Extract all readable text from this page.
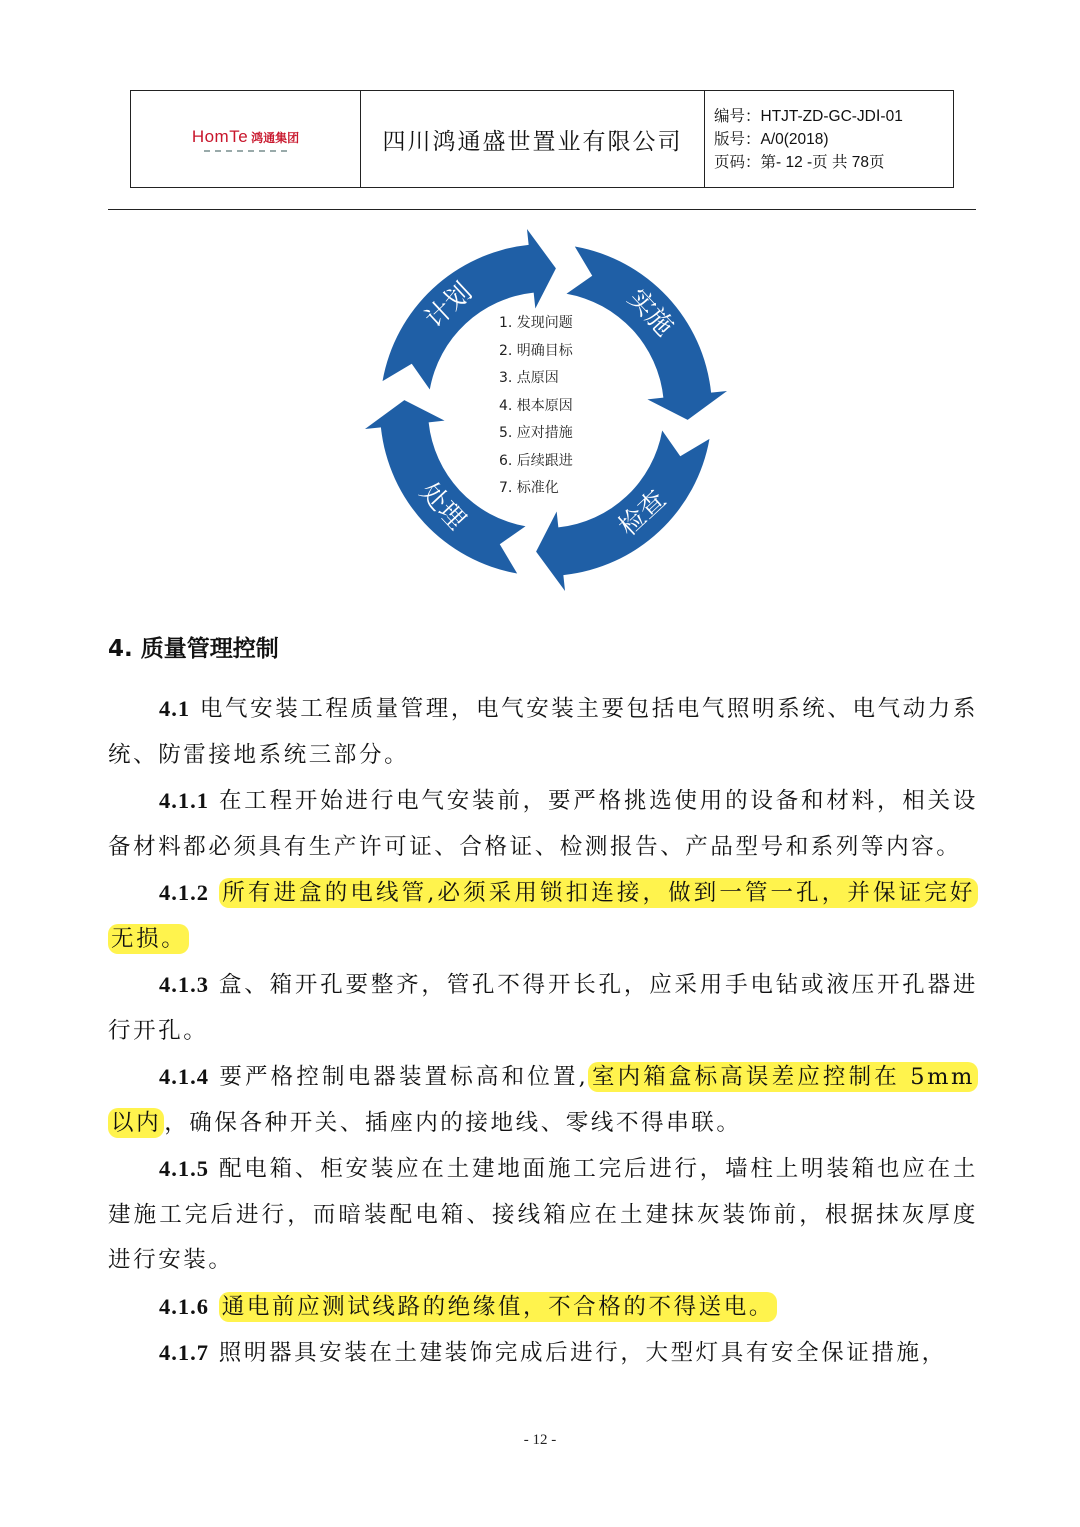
HomTe 鸿通集团	四川鸿通盛世置业有限公司
编号：HTJT-ZD-GC-JDⅠ-01
版号：A/0(2018)
页码：第- 12 -页 共 78页
计划	实施
检查
处理
1. 发现问题
2. 明确目标
3. 点原因
4. 根本原因
5. 应对措施
6. 后续跟进
7. 标准化
4. 质量管理控制

4.1 电气安装工程质量管理，电气安装主要包括电气照明系统、电气动力系统、防雷接地系统三部分。

4.1.1 在工程开始进行电气安装前，要严格挑选使用的设备和材料，相关设备材料都必须具有生产许可证、合格证、检测报告、产品型号和系列等内容。

4.1.2 所有进盒的电线管,必须采用锁扣连接，做到一管一孔，并保证完好无损。

4.1.3 盒、箱开孔要整齐，管孔不得开长孔，应采用手电钻或液压开孔器进行开孔。

4.1.4 要严格控制电器装置标高和位置, 室内箱盒标高误差应控制在 5mm 以内 ，确保各种开关、插座内的接地线、零线不得串联。

4.1.5 配电箱、柜安装应在土建地面施工完后进行，墙柱上明装箱也应在土建施工完后进行，而暗装配电箱、接线箱应在土建抹灰装饰前，根据抹灰厚度进行安装。

4.1.6 通电前应测试线路的绝缘值，不合格的不得送电。

4.1.7 照明器具安装在土建装饰完成后进行，大型灯具有安全保证措施，

- 12 -
